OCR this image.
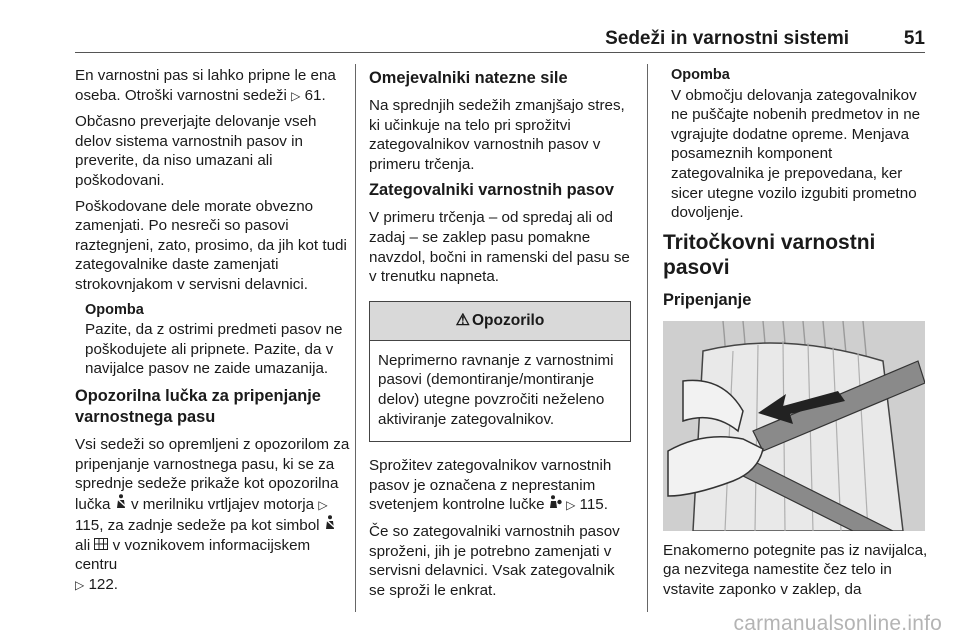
Sedeži in varnostni sistemi	51

En varnostni pas si lahko pripne le ena oseba. Otroški varnostni sedeži ▷ 61.

Občasno preverjajte delovanje vseh delov sistema varnostnih pasov in preverite, da niso umazani ali poškodovani.

Poškodovane dele morate obvezno zamenjati. Po nesreči so pasovi raztegnjeni, zato, prosimo, da jih kot tudi zategovalnike daste zamenjati strokovnjakom v servisni delavnici.

Opomba
Pazite, da z ostrimi predmeti pasov ne poškodujete ali pripnete. Pazite, da v navijalce pasov ne zaide umazanija.
Opozorilna lučka za pripenjanje varnostnega pasu

Vsi sedeži so opremljeni z opozorilom za pripenjanje varnostnega pasu, ki se za sprednje sedeže prikaže kot opozorilna lučka v merilniku vrtljajev motorja ▷ 115, za zadnje sedeže pa kot simbol  ali v voznikovem informacijskem centru
▷ 122.

Omejevalniki natezne sile

Na sprednjih sedežih zmanjšajo stres, ki učinkuje na telo pri sprožitvi zategovalnikov varnostnih pasov v primeru trčenja.

Zategovalniki varnostnih pasov

V primeru trčenja – od spredaj ali od zadaj – se zaklep pasu pomakne navzdol, bočni in ramenski del pasu se v trenutku napneta.

⚠ Opozorilo
Neprimerno ravnanje z varnostnimi pasovi (demontiranje/montiranje delov) utegne povzročiti neželeno aktiviranje zategovalnikov.

Sprožitev zategovalnikov varnostnih pasov je označena z neprestanim svetenjem kontrolne lučke ▷ 115.

Če so zategovalniki varnostnih pasov sproženi, jih je potrebno zamenjati v servisni delavnici. Vsak zategovalnik se sproži le enkrat.

Opomba
V območju delovanja zategovalnikov ne puščajte nobenih predmetov in ne vgrajujte dodatne opreme. Menjava posameznih komponent zategovalnika je prepovedana, ker sicer utegne vozilo izgubiti prometno dovoljenje.
Tritočkovni varnostni pasovi
Pripenjanje

Enakomerno potegnite pas iz navijalca, ga nezvitega namestite čez telo in vstavite zaponko v zaklep, da

carmanualsonline.info
